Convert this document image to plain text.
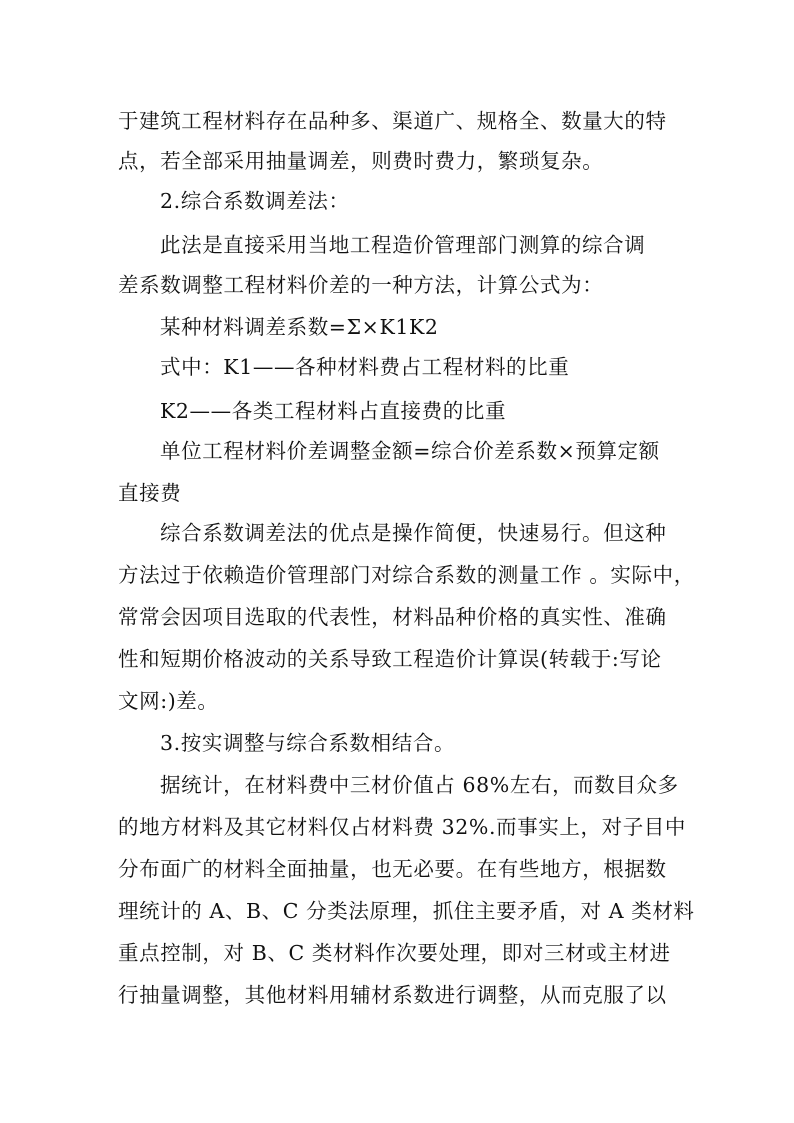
于建筑工程材料存在品种多、渠道广、规格全、数量大的特
点，若全部采用抽量调差，则费时费力，繁琐复杂。
2.综合系数调差法：
此法是直接采用当地工程造价管理部门测算的综合调
差系数调整工程材料价差的一种方法，计算公式为：
某种材料调差系数=Σ×K1K2
式中：K1——各种材料费占工程材料的比重
K2——各类工程材料占直接费的比重
单位工程材料价差调整金额=综合价差系数×预算定额
直接费
综合系数调差法的优点是操作简便，快速易行。但这种
方法过于依赖造价管理部门对综合系数的测量工作 。实际中，
常常会因项目选取的代表性，材料品种价格的真实性、准确
性和短期价格波动的关系导致工程造价计算误(转载于:写论
文网:)差。
3.按实调整与综合系数相结合。
据统计，在材料费中三材价值占 68%左右，而数目众多
的地方材料及其它材料仅占材料费 32%.而事实上，对子目中
分布面广的材料全面抽量，也无必要。在有些地方，根据数
理统计的 A、B、C 分类法原理，抓住主要矛盾，对 A 类材料
重点控制，对 B、C 类材料作次要处理，即对三材或主材进
行抽量调整，其他材料用辅材系数进行调整，从而克服了以
